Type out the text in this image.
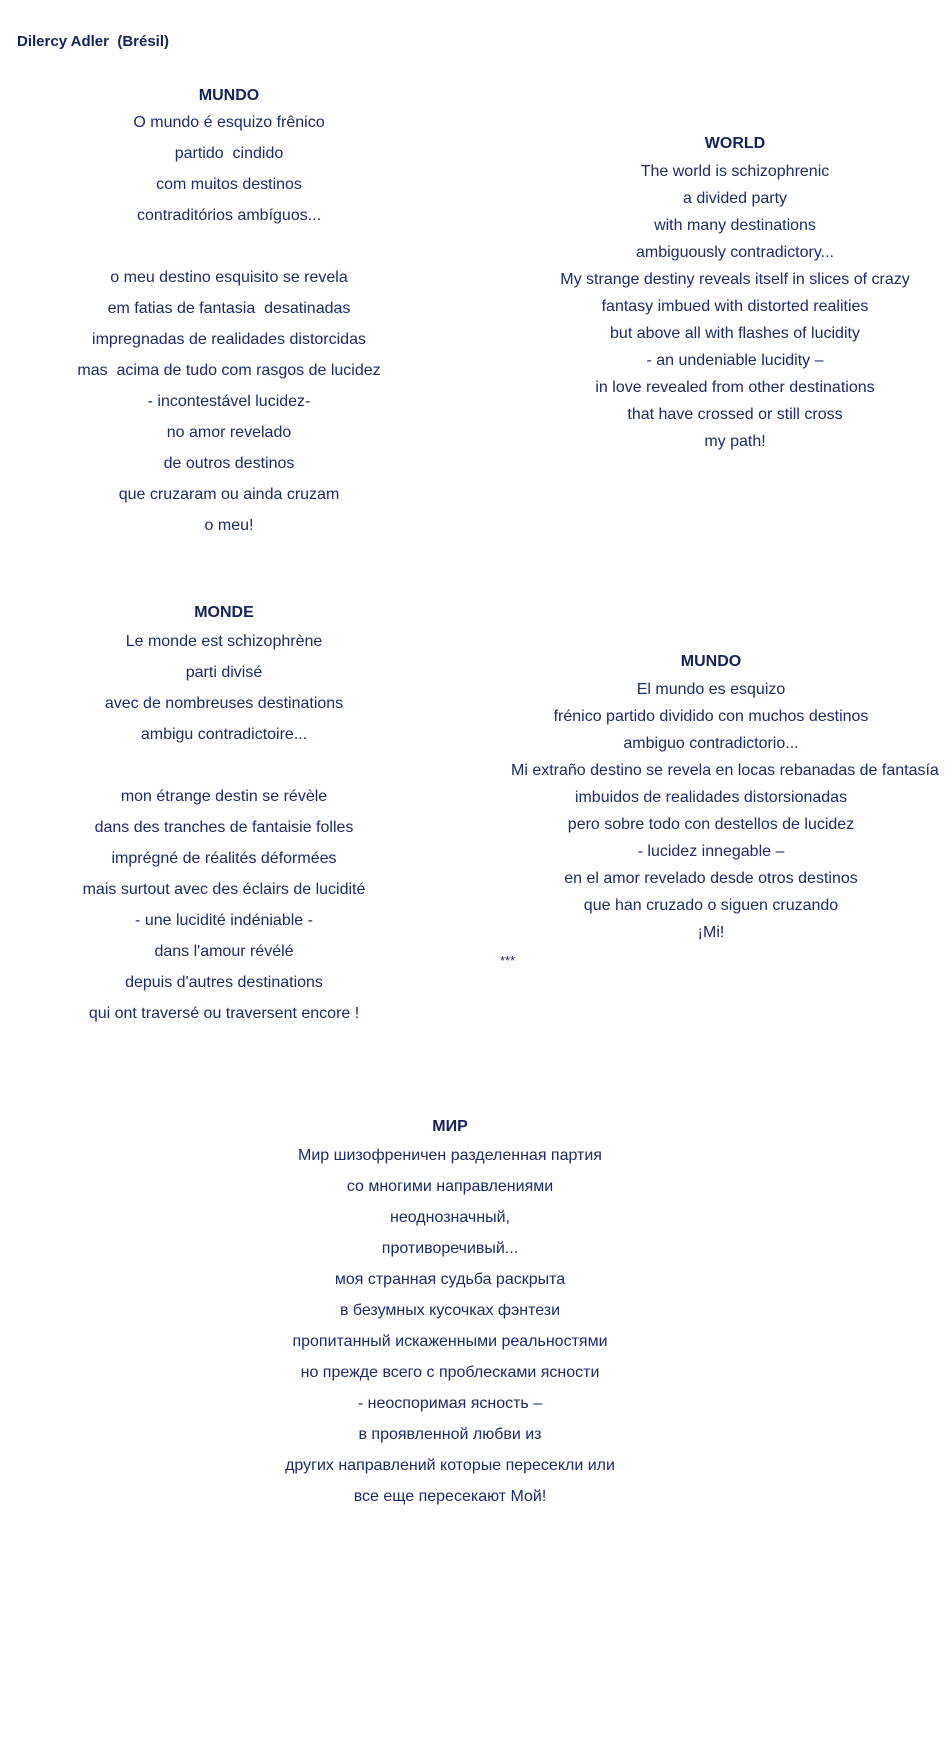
Dilercy Adler  (Brésil)
MUNDO
O mundo é esquizo frênico
partido  cindido
com muitos destinos
contraditórios ambíguos...
o meu destino esquisito se revela
em fatias de fantasia  desatinadas
impregnadas de realidades distorcidas
mas  acima de tudo com rasgos de lucidez
- incontestável lucidez-
no amor revelado
de outros destinos
que cruzaram ou ainda cruzam
o meu!
WORLD
The world is schizophrenic
a divided party
with many destinations
ambiguously contradictory...
My strange destiny reveals itself in slices of crazy
fantasy imbued with distorted realities
but above all with flashes of lucidity
- an undeniable lucidity –
in love revealed from other destinations
that have crossed or still cross
my path!
MONDE
Le monde est schizophrène
parti divisé
avec de nombreuses destinations
ambigu contradictoire...
mon étrange destin se révèle
dans des tranches de fantaisie folles
imprégné de réalités déformées
mais surtout avec des éclairs de lucidité
- une lucidité indéniable -
dans l'amour révélé
depuis d'autres destinations
qui ont traversé ou traversent encore !
MUNDO
El mundo es esquizo
frénico partido dividido con muchos destinos
ambiguo contradictorio...
Mi extraño destino se revela en locas rebanadas de fantasía
imbuidos de realidades distorsionadas
pero sobre todo con destellos de lucidez
- lucidez innegable –
en el amor revelado desde otros destinos
que han cruzado o siguen cruzando
¡Mi!
***
МИР
Мир шизофреничен разделенная партия
со многими направлениями
неоднозначный,
противоречивый...
моя странная судьба раскрыта
в безумных кусочках фэнтези
пропитанный искаженными реальностями
но прежде всего с проблесками ясности
- неоспоримая ясность –
в проявленной любви из
других направлений которые пересекли или
все еще пересекают Мой!
